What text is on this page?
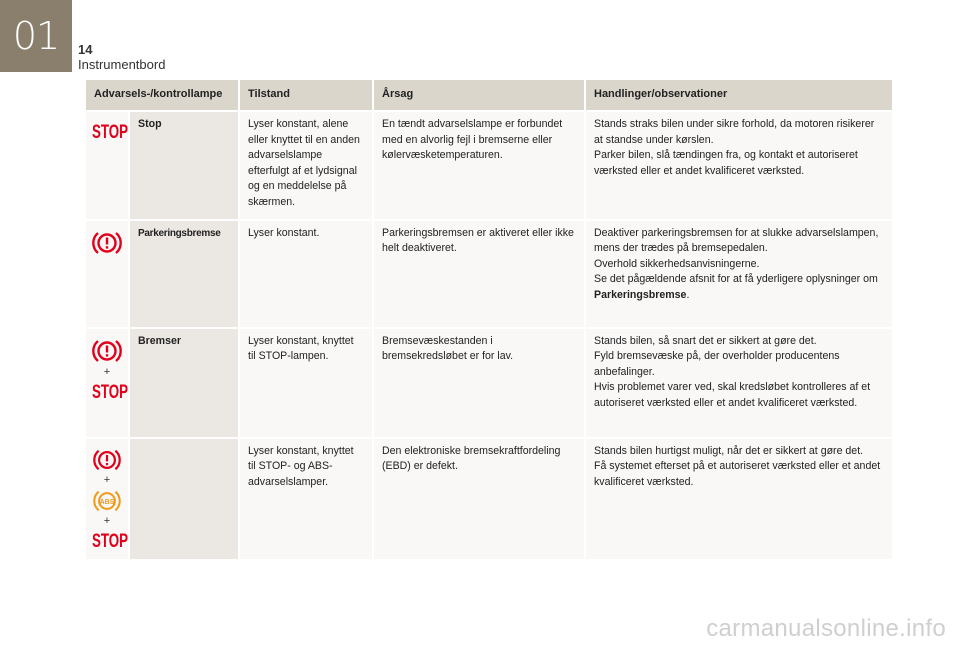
01	14
Instrumentbord
Advarsels-/kontrollampe		Tilstand	Årsag	Handlinger/observationer

STOP	Stop	Lyser konstant, alene eller knyttet til en anden advarselslampe efterfulgt af et lydsignal og en meddelelse på skærmen.	En tændt advarselslampe er forbundet med en alvorlig fejl i bremserne eller kølervæsketemperaturen.	Stands straks bilen under sikre forhold, da motoren risikerer at standse under kørslen.
Parker bilen, slå tændingen fra, og kontakt et autoriseret værksted eller et andet kvalificeret værksted.

	Parkeringsbremse	Lyser konstant.	Parkeringsbremsen er aktiveret eller ikke helt deaktiveret.	Deaktiver parkeringsbremsen for at slukke advarselslampen, mens der trædes på bremsepedalen.
Overhold sikkerhedsanvisningerne.
Se det pågældende afsnit for at få yderligere oplysninger om Parkeringsbremse.

+
STOP	Bremser	Lyser konstant, knyttet til STOP-lampen.	Bremsevæskestanden i bremsekredsløbet er for lav.	Stands bilen, så snart det er sikkert at gøre det.
Fyld bremsevæske på, der overholder producentens anbefalinger.
Hvis problemet varer ved, skal kredsløbet kontrolleres af et autoriseret værksted eller et andet kvalificeret værksted.

+
ABS
+
STOP		Lyser konstant, knyttet til STOP- og ABS-advarselslamper.	Den elektroniske bremsekraftfordeling (EBD) er defekt.	Stands bilen hurtigst muligt, når det er sikkert at gøre det.
Få systemet efterset på et autoriseret værksted eller et andet kvalificeret værksted.
carmanualsonline.info
